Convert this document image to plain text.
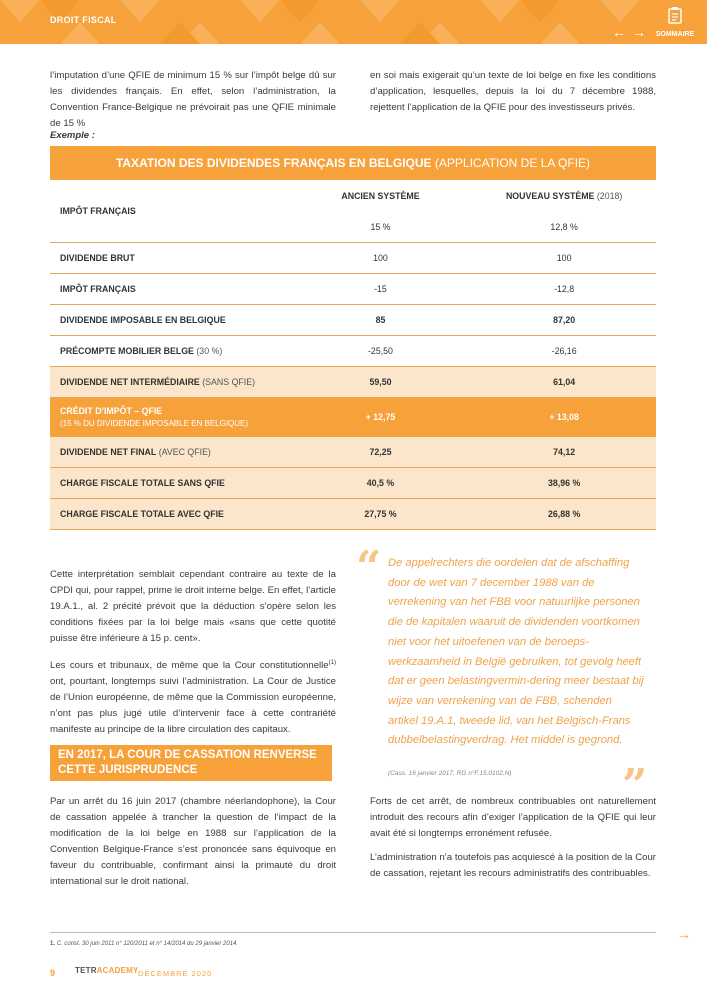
DROIT FISCAL
← →	SOMMAIRE
l’imputation d’une QFIE de minimum 15 % sur l’impôt belge dû sur les dividendes français. En effet, selon l’administration, la Convention France-Belgique ne prévoirait pas une QFIE minimale de 15 %
en soi mais exigerait qu’un texte de loi belge en fixe les conditions d’application, lesquelles, depuis la loi du 7 décembre 1988, rejettent l’application de la QFIE pour des investisseurs privés.
Exemple :
TAXATION DES DIVIDENDES FRANÇAIS EN BELGIQUE (APPLICATION DE LA QFIE)		
IMPÔT FRANÇAIS	ANCIEN SYSTÈME	NOUVEAU SYSTÈME (2018)
	15 %	12,8 %
DIVIDENDE BRUT	100	100
IMPÔT FRANÇAIS	-15	-12,8
DIVIDENDE IMPOSABLE EN BELGIQUE	85	87,20
PRÉCOMPTE MOBILIER BELGE (30 %)	-25,50	-26,16
DIVIDENDE NET INTERMÉDIAIRE (SANS QFIE)	59,50	61,04
CRÉDIT D’IMPÔT – QFIE
(15 % DU DIVIDENDE IMPOSABLE EN BELGIQUE)	+ 12,75	+ 13,08
DIVIDENDE NET FINAL (AVEC QFIE)	72,25	74,12
CHARGE FISCALE TOTALE SANS QFIE	40,5 %	38,96 %
CHARGE FISCALE TOTALE AVEC QFIE	27,75 %	26,88 %

Cette interprétation semblait cependant contraire au texte de la CPDI qui, pour rappel, prime le droit interne belge. En effet, l’article 19.A.1., al. 2 précité prévoit que la déduction s’opère selon les conditions fixées par la loi belge mais «sans que cette quotité puisse être inférieure à 15 p. cent».

Les cours et tribunaux, de même que la Cour constitutionnelle$^{(1)}$ ont, pourtant, longtemps suivi l’administration. La Cour de Justice de l’Union européenne, de même que la Commission européenne, n’ont pas plus jugé utile d’intervenir face à cette contrariété manifeste au principe de la libre circulation des capitaux.

EN 2017, LA COUR DE CASSATION RENVERSE CETTE JURISPRUDENCE

Par un arrêt du 16 juin 2017 (chambre néerlandophone), la Cour de cassation appelée à trancher la question de l’impact de la modification de la loi belge en 1988 sur l’application de la Convention Belgique-France s’est prononcée sans équivoque en faveur du contribuable, confirmant ainsi la primauté du droit international sur le droit national.

“ De appelrechters die oordelen dat de afschaffing door de wet van 7 december 1988 van de verrekening van het FBB voor natuurlijke personen die de kapitalen waaruit de dividenden voortkomen niet voor het uitoefenen van de beroeps-werkzaamheid in België gebruiken, tot gevolg heeft dat er geen belastingvermin-dering meer bestaat bij wijze van verrekening van de FBB, schenden artikel 19.A.1, tweede lid, van het Belgisch-Frans dubbelbelastingverdrag. Het middel is gegrond.
(Cass. 16 janvier 2017, RG n°F.15.0102.N)	”

Forts de cet arrêt, de nombreux contribuables ont naturellement introduit des recours afin d’exiger l’application de la QFIE qui leur avait été si longtemps erronément refusée.

L’administration n’a toutefois pas acquiescé à la position de la Cour de cassation, rejetant les recours administratifs des contribuables.

1. C. const. 30 juin 2011 n° 120/2011 et n° 14/2014 du 29 janvier 2014.
→
9 TETRACADEMY DÉCEMBRE 2020
